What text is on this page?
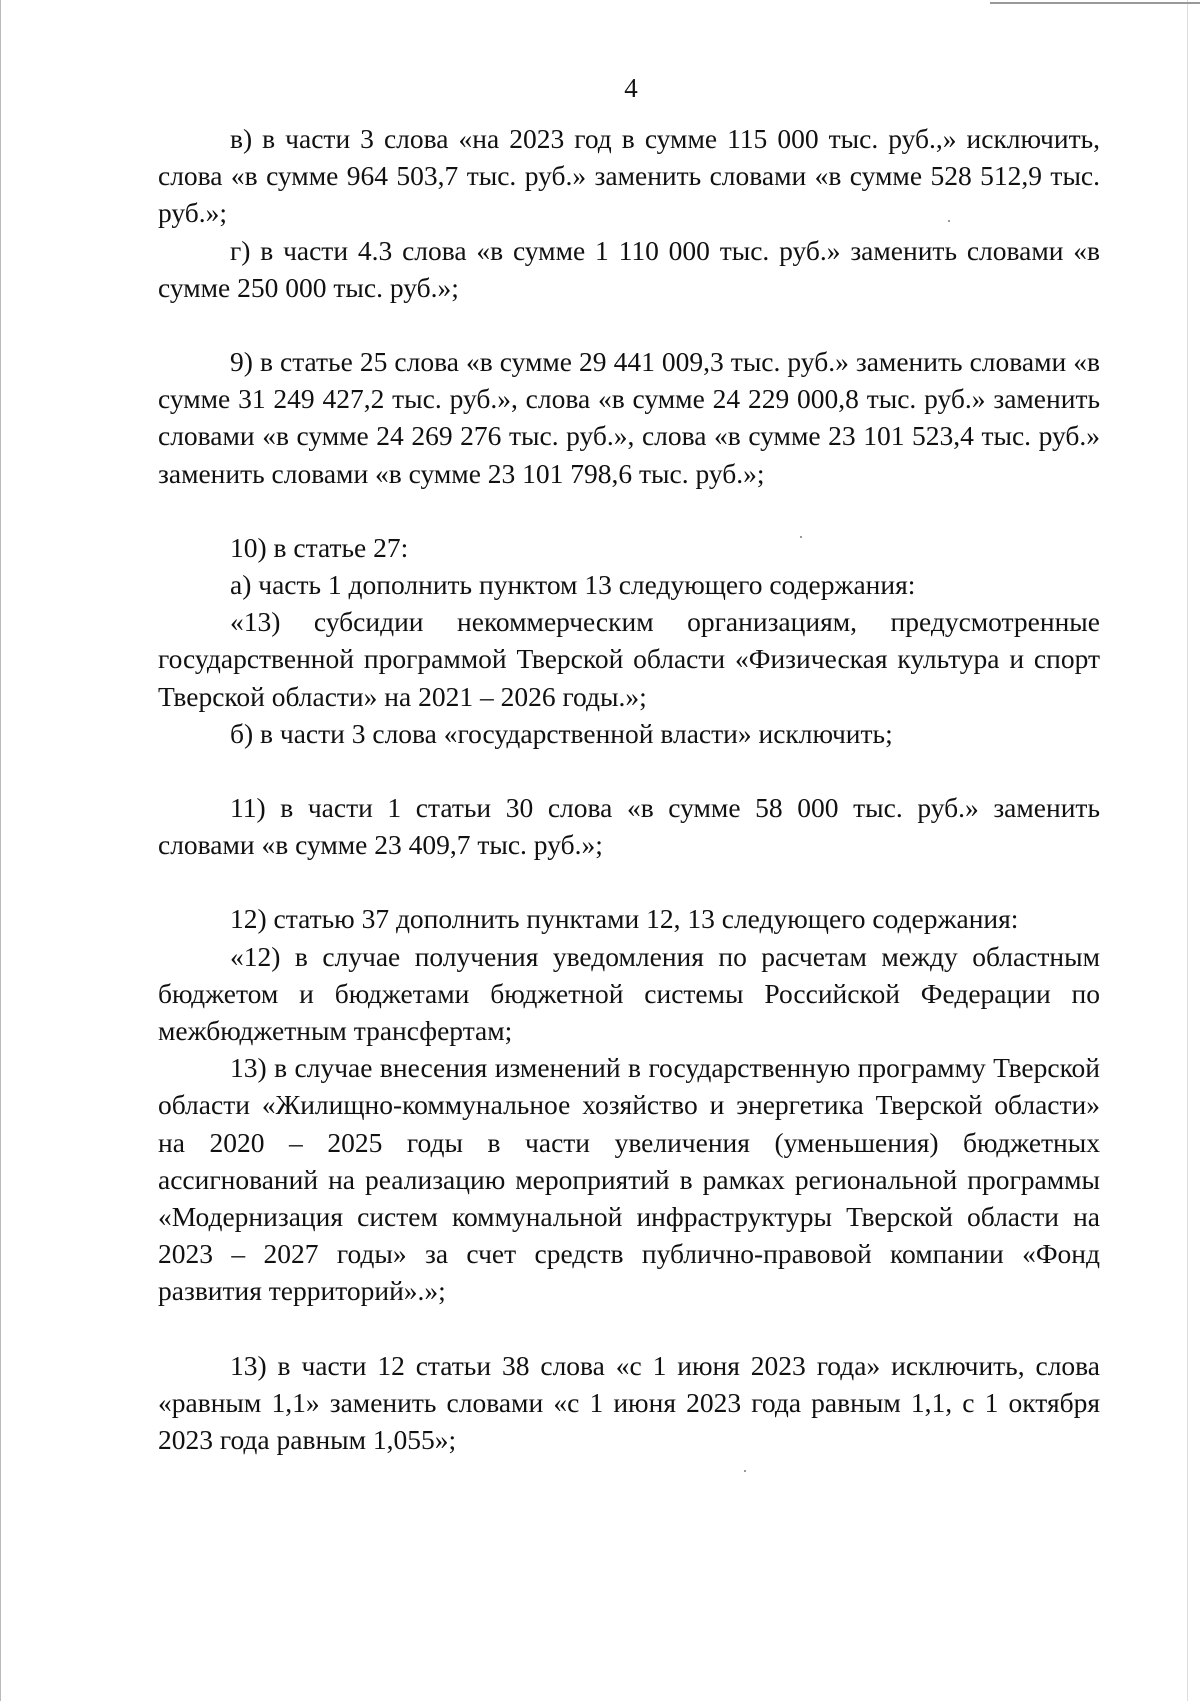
4

в) в части 3 слова «на 2023 год в сумме 115 000 тыс. руб.,» исключить, слова «в сумме 964 503,7 тыс. руб.» заменить словами «в сумме 528 512,9 тыс. руб.»;

г) в части 4.3 слова «в сумме 1 110 000 тыс. руб.» заменить словами «в сумме 250 000 тыс. руб.»;

9) в статье 25 слова «в сумме 29 441 009,3 тыс. руб.» заменить словами «в сумме 31 249 427,2 тыс. руб.», слова «в сумме 24 229 000,8 тыс. руб.» заменить словами «в сумме 24 269 276 тыс. руб.», слова «в сумме 23 101 523,4 тыс. руб.» заменить словами «в сумме 23 101 798,6 тыс. руб.»;

10) в статье 27:

а) часть 1 дополнить пунктом 13 следующего содержания:

«13) субсидии некоммерческим организациям, предусмотренные государственной программой Тверской области «Физическая культура и спорт Тверской области» на 2021 – 2026 годы.»;

б) в части 3 слова «государственной власти» исключить;

11) в части 1 статьи 30 слова «в сумме 58 000 тыс. руб.» заменить словами «в сумме 23 409,7 тыс. руб.»;

12) статью 37 дополнить пунктами 12, 13 следующего содержания:

«12) в случае получения уведомления по расчетам между областным бюджетом и бюджетами бюджетной системы Российской Федерации по межбюджетным трансфертам;

13) в случае внесения изменений в государственную программу Тверской области «Жилищно-коммунальное хозяйство и энергетика Тверской области» на 2020 – 2025 годы в части увеличения (уменьшения) бюджетных ассигнований на реализацию мероприятий в рамках региональной программы «Модернизация систем коммунальной инфраструктуры Тверской области на 2023 – 2027 годы» за счет средств публично-правовой компании «Фонд развития территорий».»;

13) в части 12 статьи 38 слова «с 1 июня 2023 года» исключить, слова «равным 1,1» заменить словами «с 1 июня 2023 года равным 1,1, с 1 октября 2023 года равным 1,055»;
